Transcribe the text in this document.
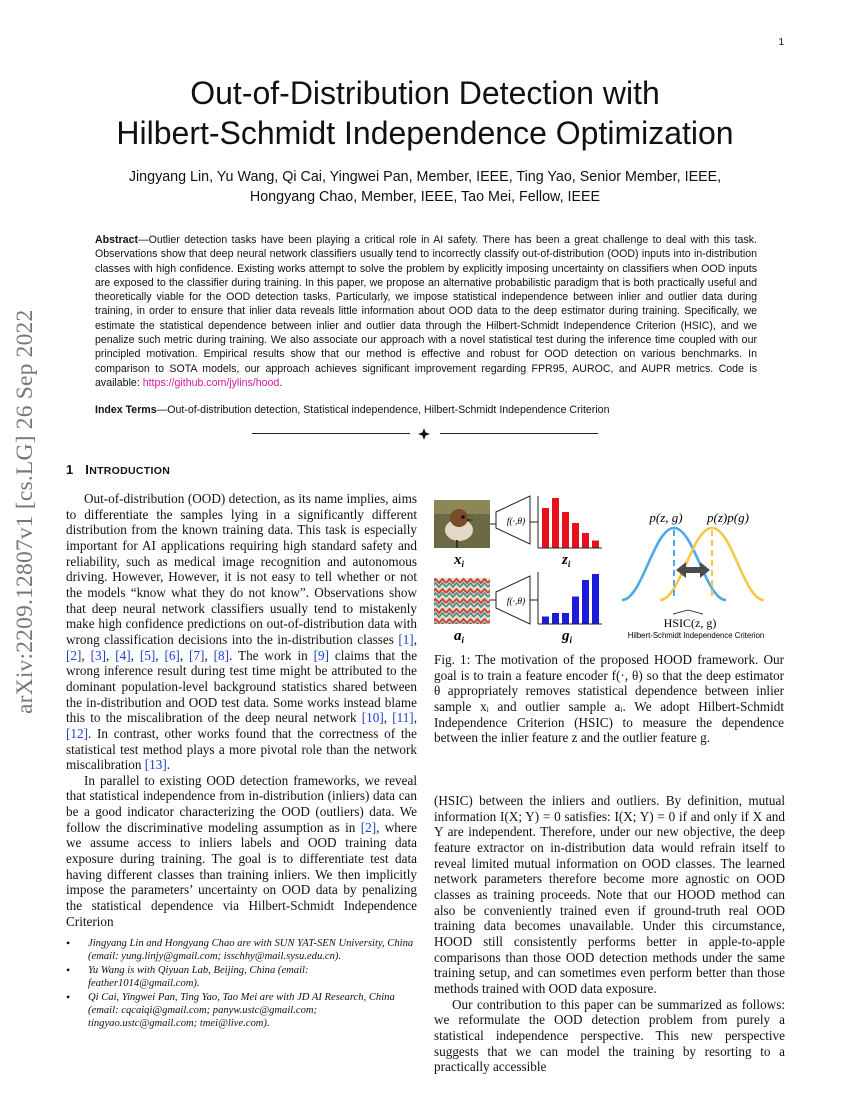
1
arXiv:2209.12807v1 [cs.LG] 26 Sep 2022
Out-of-Distribution Detection with
Hilbert-Schmidt Independence Optimization
Jingyang Lin, Yu Wang, Qi Cai, Yingwei Pan, Member, IEEE, Ting Yao, Senior Member, IEEE,
Hongyang Chao, Member, IEEE, Tao Mei, Fellow, IEEE
Abstract—Outlier detection tasks have been playing a critical role in AI safety. There has been a great challenge to deal with this task. Observations show that deep neural network classifiers usually tend to incorrectly classify out-of-distribution (OOD) inputs into in-distribution classes with high confidence. Existing works attempt to solve the problem by explicitly imposing uncertainty on classifiers when OOD inputs are exposed to the classifier during training. In this paper, we propose an alternative probabilistic paradigm that is both practically useful and theoretically viable for the OOD detection tasks. Particularly, we impose statistical independence between inlier and outlier data during training, in order to ensure that inlier data reveals little information about OOD data to the deep estimator during training. Specifically, we estimate the statistical dependence between inlier and outlier data through the Hilbert-Schmidt Independence Criterion (HSIC), and we penalize such metric during training. We also associate our approach with a novel statistical test during the inference time coupled with our principled motivation. Empirical results show that our method is effective and robust for OOD detection on various benchmarks. In comparison to SOTA models, our approach achieves significant improvement regarding FPR95, AUROC, and AUPR metrics. Code is available: https://github.com/jylins/hood.
Index Terms—Out-of-distribution detection, Statistical independence, Hilbert-Schmidt Independence Criterion
1 INTRODUCTION

Out-of-distribution (OOD) detection, as its name implies, aims to differentiate the samples lying in a significantly different distribution from the known training data. This task is especially important for AI applications requiring high standard safety and reliability, such as medical image recognition and autonomous driving. However, However, it is not easy to tell whether or not the models “know what they do not know”. Observations show that deep neural network classifiers usually tend to mistakenly make high confidence predictions on out-of-distribution data with wrong classification decisions into the in-distribution classes [1], [2], [3], [4], [5], [6], [7], [8]. The work in [9] claims that the wrong inference result during test time might be attributed to the dominant population-level background statistics shared between the in-distribution and OOD test data. Some works instead blame this to the miscalibration of the deep neural network [10], [11], [12]. In contrast, other works found that the correctness of the statistical test method plays a more pivotal role than the network miscalibration [13].

In parallel to existing OOD detection frameworks, we reveal that statistical independence from in-distribution (inliers) data can be a good indicator characterizing the OOD (outliers) data. We follow the discriminative modeling assumption as in [2], where we assume access to inliers labels and OOD training data exposure during training. The goal is to differentiate test data having different classes than training inliers. We then implicitly impose the parameters’ uncertainty on OOD data by penalizing the statistical dependence via Hilbert-Schmidt Independence Criterion

• Jingyang Lin and Hongyang Chao are with SUN YAT-SEN University, China (email: yung.linjy@gmail.com; isschhy@mail.sysu.edu.cn).
• Yu Wang is with Qiyuan Lab, Beijing, China (email: feather1014@gmail.com).
• Qi Cai, Yingwei Pan, Ting Yao, Tao Mei are with JD AI Research, China (email: cqcaiqi@gmail.com; panyw.ustc@gmail.com; tingyao.ustc@gmail.com; tmei@live.com).
f(·,θ)
f(·,θ)
$x_i$	$z_i$
$a_i$	$g_i$
p(z, g) p(z)p(g)
HSIC(z, g)
Hilbert-Schmidt Independence Criterion
Fig. 1: The motivation of the proposed HOOD framework. Our goal is to train a feature encoder f(·, θ) so that the deep estimator θ appropriately removes statistical dependence between inlier sample xᵢ and outlier sample aᵢ. We adopt Hilbert-Schmidt Independence Criterion (HSIC) to measure the dependence between the inlier feature z and the outlier feature g.

(HSIC) between the inliers and outliers. By definition, mutual information I(X; Y) = 0 satisfies: I(X; Y) = 0 if and only if X and Y are independent. Therefore, under our new objective, the deep feature extractor on in-distribution data would refrain itself to reveal limited mutual information on OOD classes. The learned network parameters therefore become more agnostic on OOD classes as training proceeds. Note that our HOOD method can also be conveniently trained even if ground-truth real OOD training data becomes unavailable. Under this circumstance, HOOD still consistently performs better in apple-to-apple comparisons than those OOD detection methods under the same training setup, and can sometimes even perform better than those methods trained with OOD data exposure.

Our contribution to this paper can be summarized as follows: we reformulate the OOD detection problem from purely a statistical independence perspective. This new perspective suggests that we can model the training by resorting to a practically accessible
